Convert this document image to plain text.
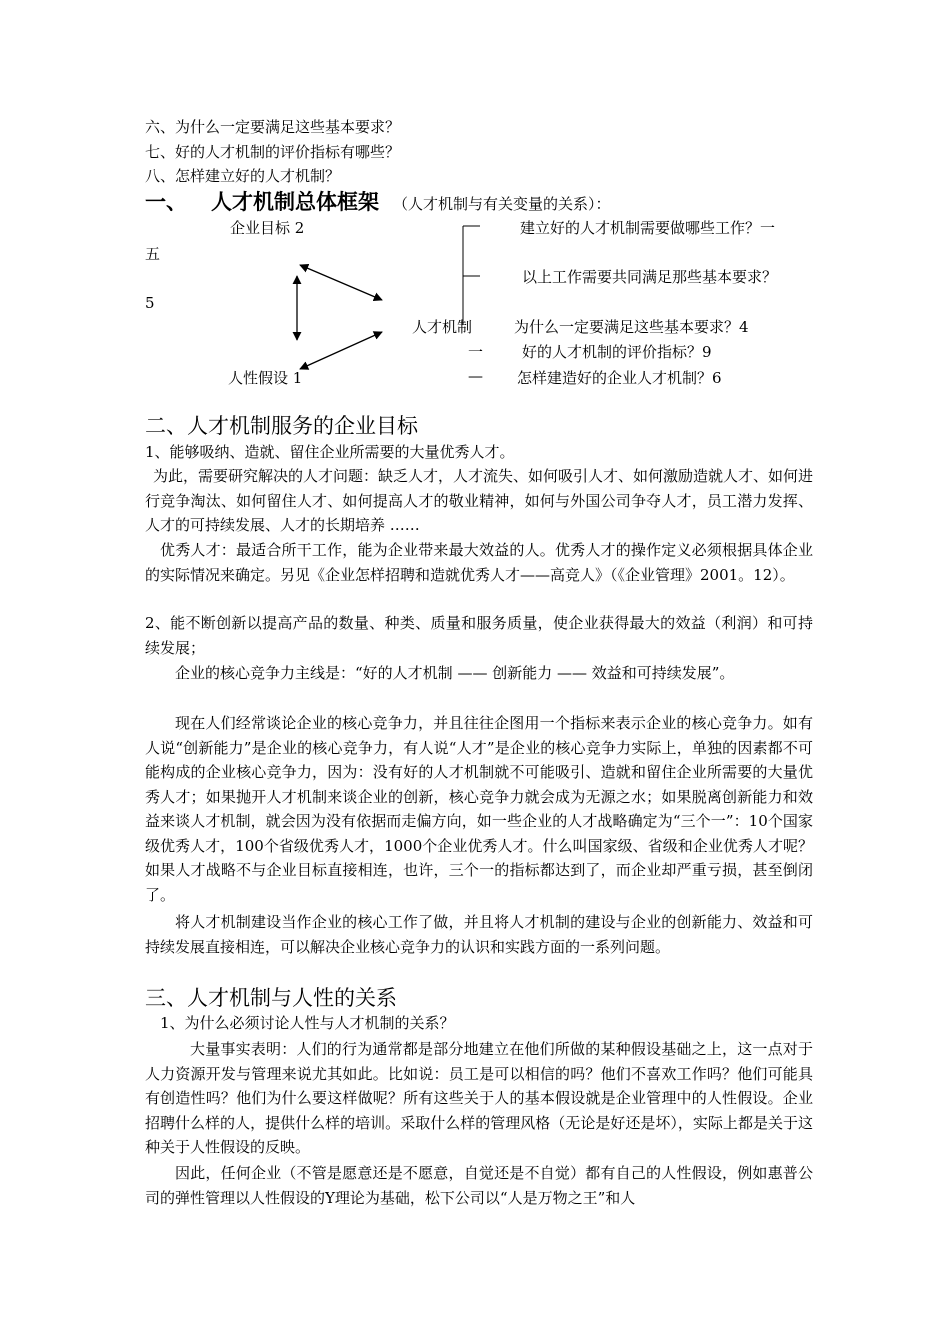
六、为什么一定要满足这些基本要求？
七、好的人才机制的评价指标有哪些？
八、怎样建立好的人才机制？
一、 人才机制总体框架 （人才机制与有关变量的关系）：
企业目标 2	建立好的人才机制需要做哪些工作？一
五
以上工作需要共同满足那些基本要求？
5
人才机制	为什么一定要满足这些基本要求？4
一	好的人才机制的评价指标？9
人性假设 1	— 怎样建造好的企业人才机制？6
二、人才机制服务的企业目标
1、能够吸纳、造就、留住企业所需要的大量优秀人才。
为此，需要研究解决的人才问题：缺乏人才，人才流失、如何吸引人才、如何激励造就人才、如何进行竞争淘汰、如何留住人才、如何提高人才的敬业精神，如何与外国公司争夺人才，员工潜力发挥、人才的可持续发展、人才的长期培养 ……
优秀人才：最适合所干工作，能为企业带来最大效益的人。优秀人才的操作定义必须根据具体企业的实际情况来确定。另见《企业怎样招聘和造就优秀人才——高竞人》（《企业管理》2001。12）。
2、能不断创新以提高产品的数量、种类、质量和服务质量，使企业获得最大的效益（利润）和可持续发展；
企业的核心竞争力主线是：“好的人才机制 —— 创新能力 —— 效益和可持续发展”。
现在人们经常谈论企业的核心竞争力，并且往往企图用一个指标来表示企业的核心竞争力。如有人说“创新能力”是企业的核心竞争力，有人说“人才”是企业的核心竞争力实际上，单独的因素都不可能构成的企业核心竞争力，因为：没有好的人才机制就不可能吸引、造就和留住企业所需要的大量优秀人才；如果抛开人才机制来谈企业的创新，核心竞争力就会成为无源之水；如果脱离创新能力和效益来谈人才机制，就会因为没有依据而走偏方向，如一些企业的人才战略确定为“三个一”：10个国家级优秀人才，100个省级优秀人才，1000个企业优秀人才。什么叫国家级、省级和企业优秀人才呢？如果人才战略不与企业目标直接相连，也许，三个一的指标都达到了，而企业却严重亏损，甚至倒闭了。
将人才机制建设当作企业的核心工作了做，并且将人才机制的建设与企业的创新能力、效益和可持续发展直接相连，可以解决企业核心竞争力的认识和实践方面的一系列问题。
三、人才机制与人性的关系
1、为什么必须讨论人性与人才机制的关系？
大量事实表明：人们的行为通常都是部分地建立在他们所做的某种假设基础之上，这一点对于人力资源开发与管理来说尤其如此。比如说：员工是可以相信的吗？他们不喜欢工作吗？他们可能具有创造性吗？他们为什么要这样做呢？所有这些关于人的基本假设就是企业管理中的人性假设。企业招聘什么样的人，提供什么样的培训。采取什么样的管理风格（无论是好还是坏），实际上都是关于这种关于人性假设的反映。
因此，任何企业（不管是愿意还是不愿意，自觉还是不自觉）都有自己的人性假设，例如惠普公司的弹性管理以人性假设的Y理论为基础，松下公司以“人是万物之王”和人
